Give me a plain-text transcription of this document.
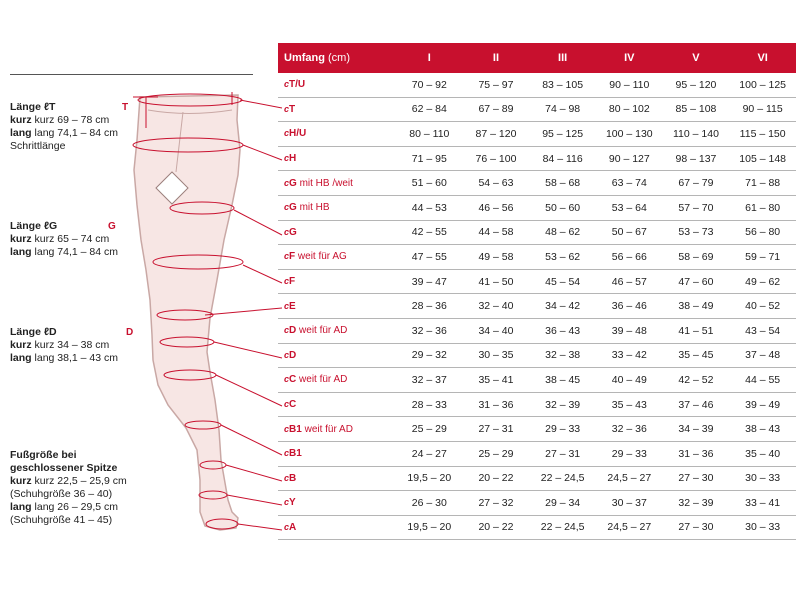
Länge ℓT
kurz kurz 69 – 78 cm
lang lang 74,1 – 84 cm
Schrittlänge
T
Länge ℓG
kurz kurz 65 – 74 cm
lang lang 74,1 – 84 cm
G
Länge ℓD
kurz kurz 34 – 38 cm
lang lang 38,1 – 43 cm
D
Fußgröße bei
geschlossener Spitze
kurz kurz 22,5 – 25,9 cm
(Schuhgröße 36 – 40)
lang lang 26 – 29,5 cm
(Schuhgröße 41 – 45)
Umfang (cm)	I	II	III	IV	V	VI
cT/U	70 – 92	75 – 97	83 – 105	90 – 110	95 – 120	100 – 125
cT	62 – 84	67 – 89	74 – 98	80 – 102	85 – 108	90 – 115
cH/U	80 – 110	87 – 120	95 – 125	100 – 130	110 – 140	115 – 150
cH	71 – 95	76 – 100	84 – 116	90 – 127	98 – 137	105 – 148
cG mit HB /weit	51 – 60	54 – 63	58 – 68	63 – 74	67 – 79	71 – 88
cG mit HB	44 – 53	46 – 56	50 – 60	53 – 64	57 – 70	61 – 80
cG	42 – 55	44 – 58	48 – 62	50 – 67	53 – 73	56 – 80
cF weit für AG	47 – 55	49 – 58	53 – 62	56 – 66	58 – 69	59 – 71
cF	39 – 47	41 – 50	45 – 54	46 – 57	47 – 60	49 – 62
cE	28 – 36	32 – 40	34 – 42	36 – 46	38 – 49	40 – 52
cD weit für AD	32 – 36	34 – 40	36 – 43	39 – 48	41 – 51	43 – 54
cD	29 – 32	30 – 35	32 – 38	33 – 42	35 – 45	37 – 48
cC weit für AD	32 – 37	35 – 41	38 – 45	40 – 49	42 – 52	44 – 55
cC	28 – 33	31 – 36	32 – 39	35 – 43	37 – 46	39 – 49
cB1 weit für AD	25 – 29	27 – 31	29 – 33	32 – 36	34 – 39	38 – 43
cB1	24 – 27	25 – 29	27 – 31	29 – 33	31 – 36	35 – 40
cB	19,5 – 20	20 – 22	22 – 24,5	24,5 – 27	27 – 30	30 – 33
cY	26 – 30	27 – 32	29 – 34	30 – 37	32 – 39	33 – 41
cA	19,5 – 20	20 – 22	22 – 24,5	24,5 – 27	27 – 30	30 – 33
